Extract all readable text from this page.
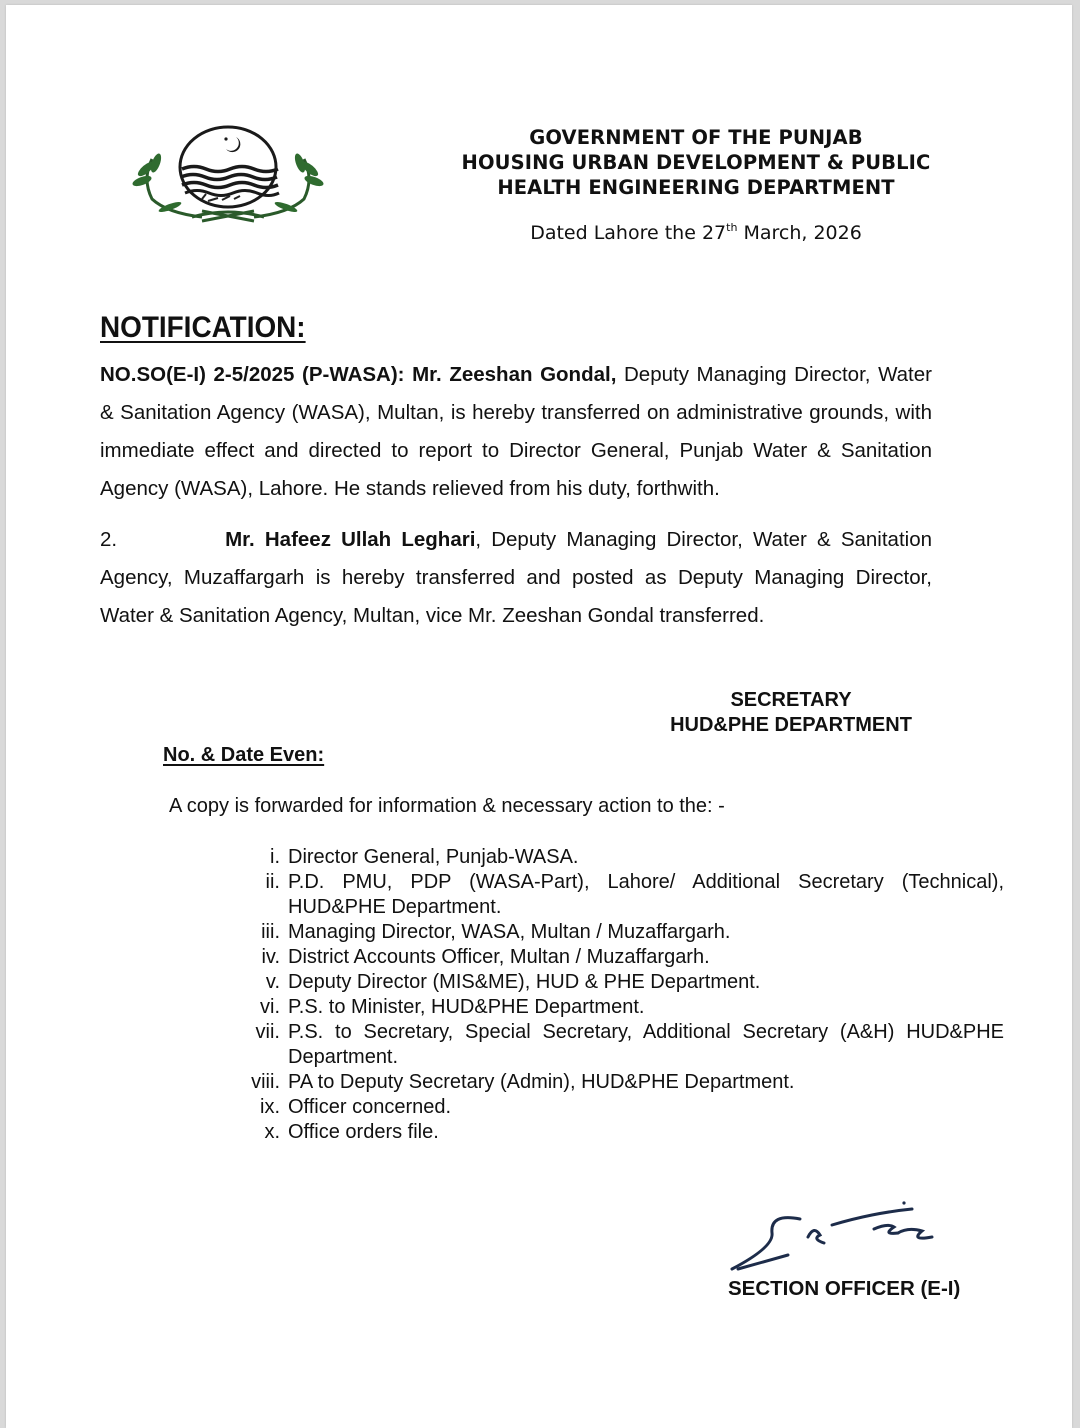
GOVERNMENT OF THE PUNJAB
HOUSING URBAN DEVELOPMENT & PUBLIC
HEALTH ENGINEERING DEPARTMENT
Dated Lahore the 27th March, 2026
NOTIFICATION:
NO.SO(E-I) 2-5/2025 (P-WASA): Mr. Zeeshan Gondal, Deputy Managing Director, Water & Sanitation Agency (WASA), Multan, is hereby transferred on administrative grounds, with immediate effect and directed to report to Director General, Punjab Water & Sanitation Agency (WASA), Lahore. He stands relieved from his duty, forthwith.
2.	Mr. Hafeez Ullah Leghari, Deputy Managing Director, Water & Sanitation Agency, Muzaffargarh is hereby transferred and posted as Deputy Managing Director, Water & Sanitation Agency, Multan, vice Mr. Zeeshan Gondal transferred.
SECRETARY
HUD&PHE DEPARTMENT
No. & Date Even:
A copy is forwarded for information & necessary action to the: -
i. Director General, Punjab-WASA.
ii. P.D. PMU, PDP (WASA-Part), Lahore/ Additional Secretary (Technical), HUD&PHE Department.
iii. Managing Director, WASA, Multan / Muzaffargarh.
iv. District Accounts Officer, Multan / Muzaffargarh.
v. Deputy Director (MIS&ME), HUD & PHE Department.
vi. P.S. to Minister, HUD&PHE Department.
vii. P.S. to Secretary, Special Secretary, Additional Secretary (A&H) HUD&PHE Department.
viii. PA to Deputy Secretary (Admin), HUD&PHE Department.
ix. Officer concerned.
x. Office orders file.
SECTION OFFICER (E-I)
